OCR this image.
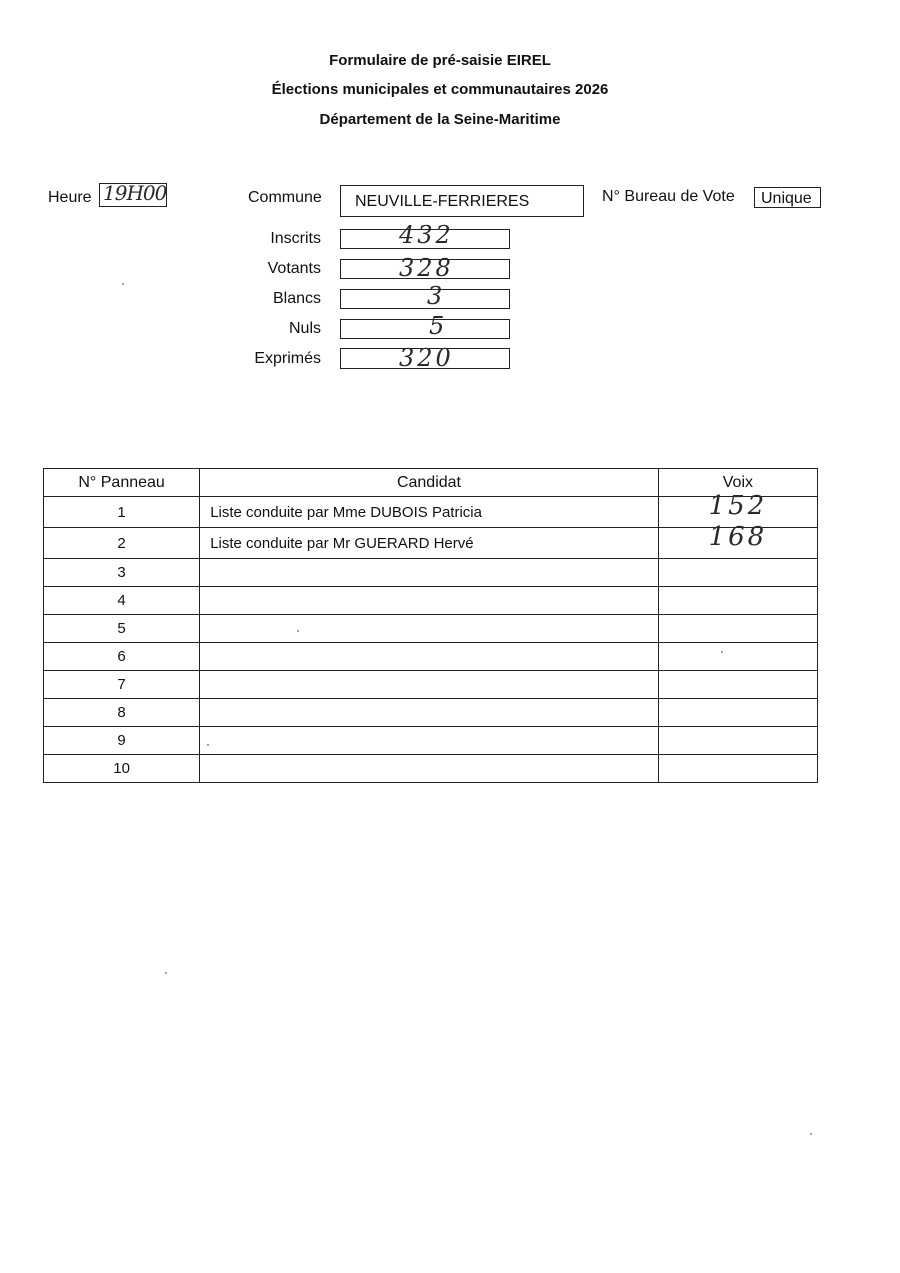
Formulaire de pré-saisie EIREL
Élections municipales et communautaires 2026
Département de la Seine-Maritime
Heure 19H00	Commune NEUVILLE-FERRIERES	N° Bureau de Vote Unique
Inscrits	432
Votants	328
Blancs	3
Nuls	5
Exprimés	320
N° Panneau	Candidat	Voix
1	Liste conduite par Mme DUBOIS Patricia	152
2	Liste conduite par Mr GUERARD Hervé	168
3		
4		
5		
6		
7		
8		
9		
10		
